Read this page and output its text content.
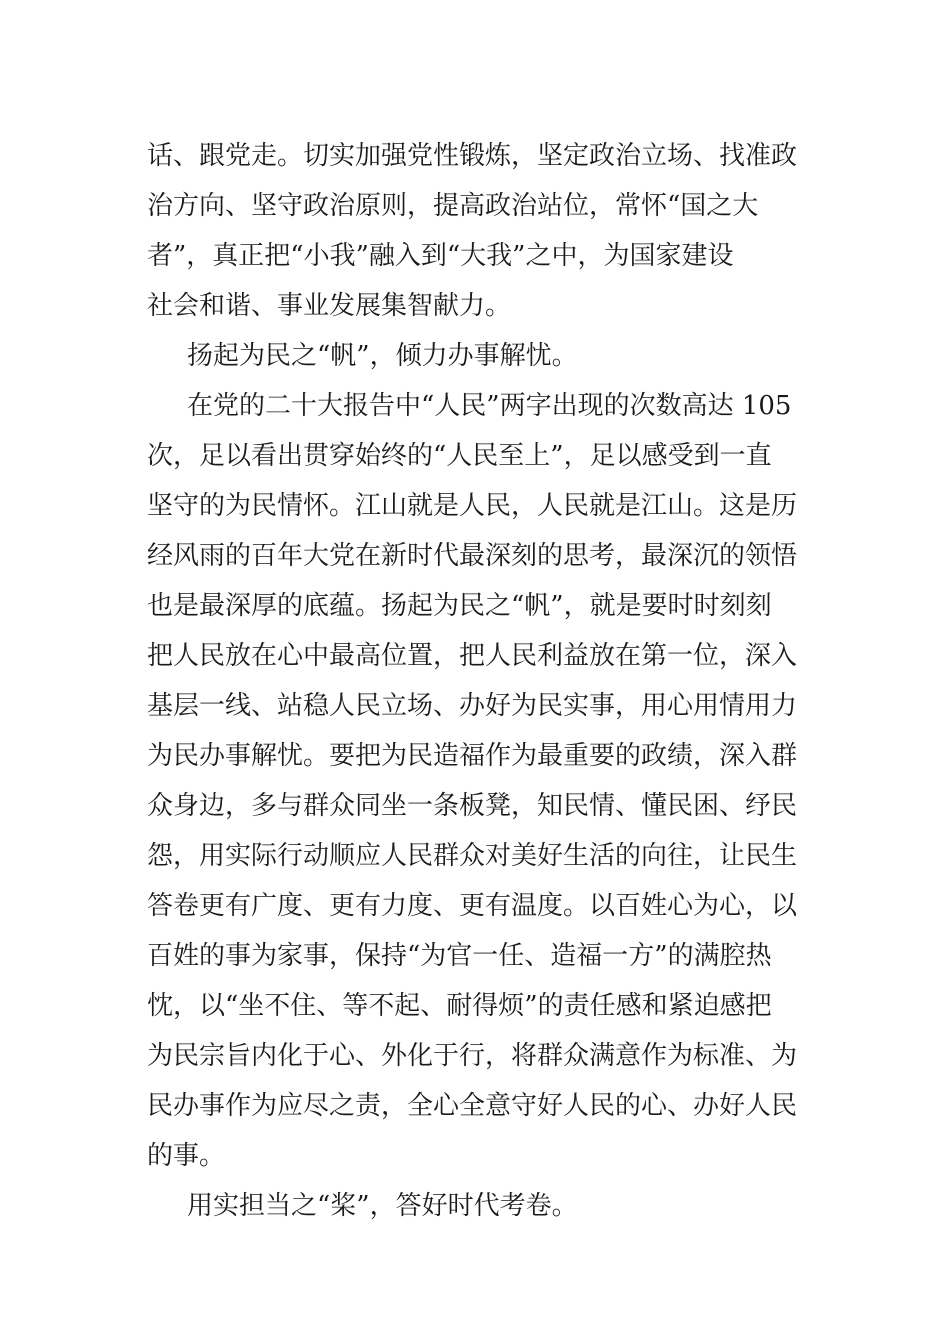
话、跟党走。切实加强党性锻炼，坚定政治立场、找准政
治方向、坚守政治原则，提高政治站位，常怀“国之大
者”，真正把“小我”融入到“大我”之中，为国家建设
社会和谐、事业发展集智献力。

扬起为民之“帆”，倾力办事解忧。

在党的二十大报告中“人民”两字出现的次数高达 105
次，足以看出贯穿始终的“人民至上”，足以感受到一直
坚守的为民情怀。江山就是人民，人民就是江山。这是历
经风雨的百年大党在新时代最深刻的思考，最深沉的领悟
也是最深厚的底蕴。扬起为民之“帆”，就是要时时刻刻
把人民放在心中最高位置，把人民利益放在第一位，深入
基层一线、站稳人民立场、办好为民实事，用心用情用力
为民办事解忧。要把为民造福作为最重要的政绩，深入群
众身边，多与群众同坐一条板凳，知民情、懂民困、纾民
怨，用实际行动顺应人民群众对美好生活的向往，让民生
答卷更有广度、更有力度、更有温度。以百姓心为心，以
百姓的事为家事，保持“为官一任、造福一方”的满腔热
忱，以“坐不住、等不起、耐得烦”的责任感和紧迫感把
为民宗旨内化于心、外化于行，将群众满意作为标准、为
民办事作为应尽之责，全心全意守好人民的心、办好人民
的事。

用实担当之“桨”，答好时代考卷。
